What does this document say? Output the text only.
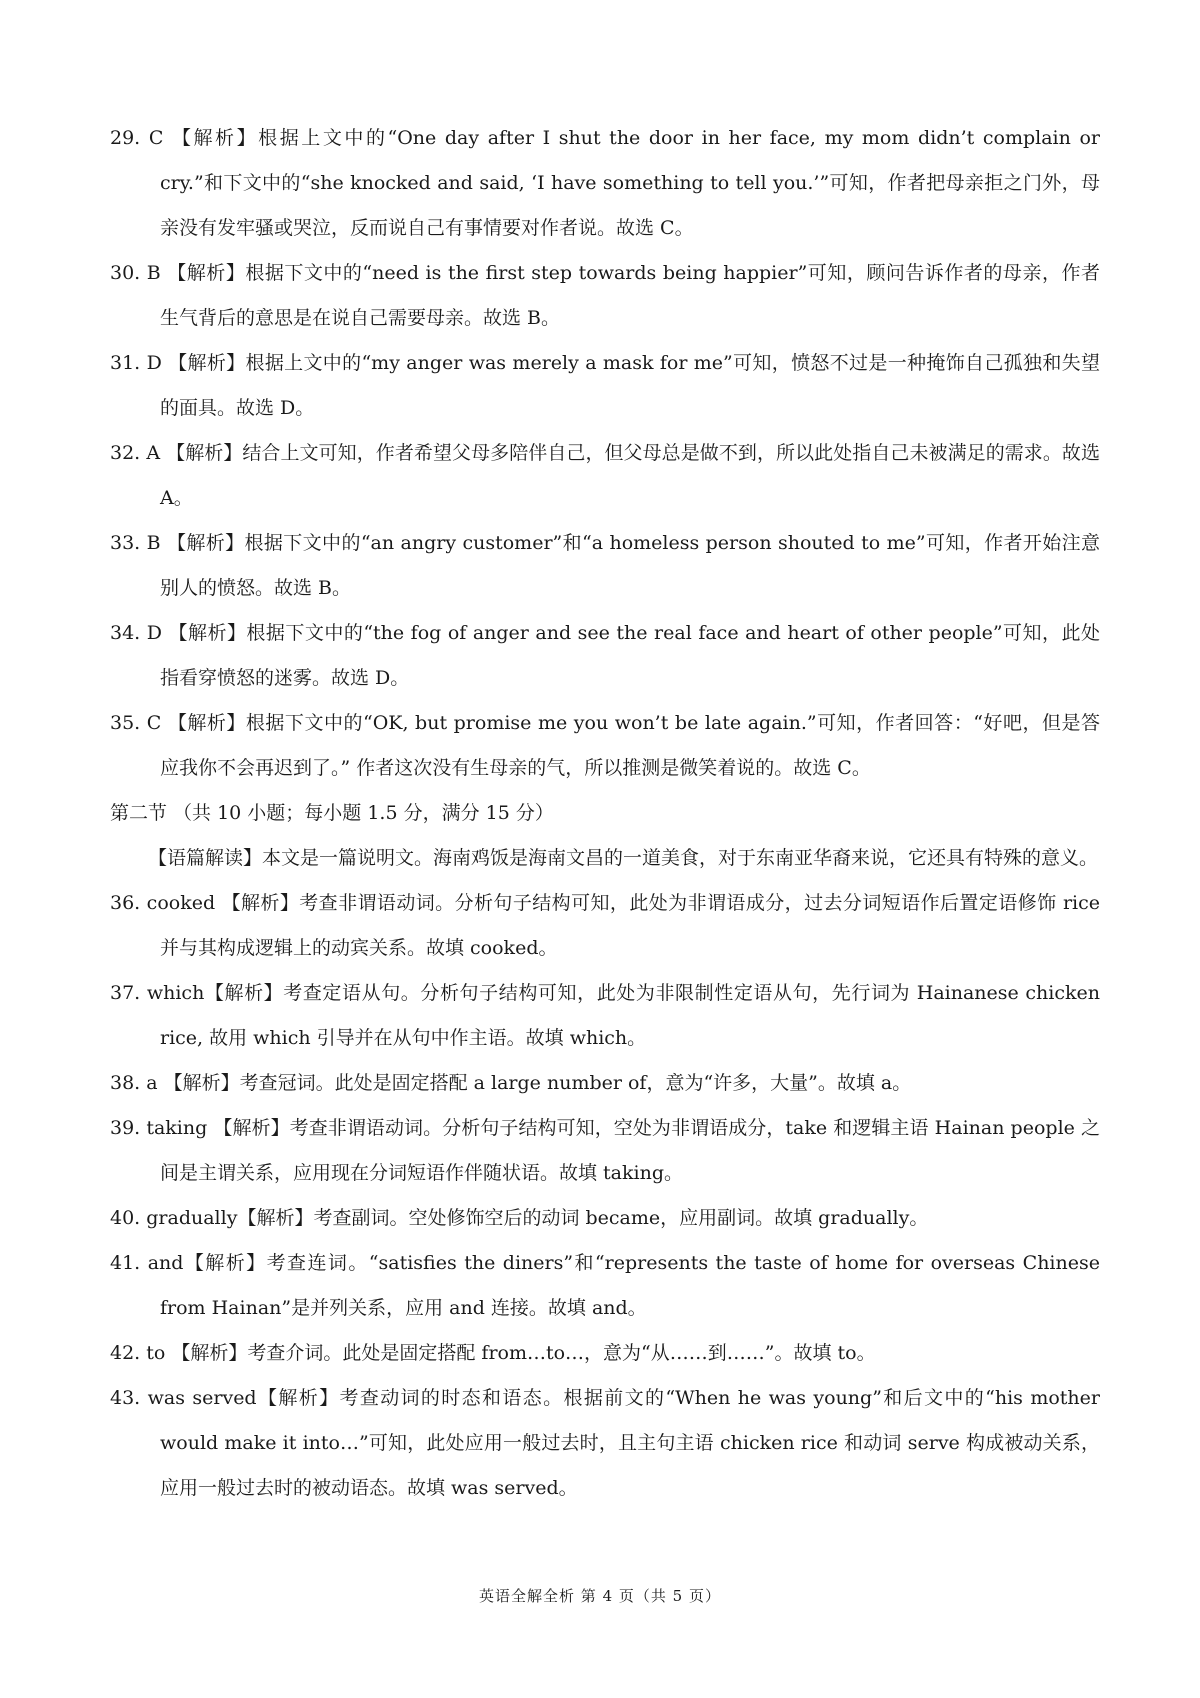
29. C 【解析】根据上文中的“One day after I shut the door in her face, my mom didn’t complain or cry.”和下文中的“she knocked and said, ‘I have something to tell you.’”可知，作者把母亲拒之门外，母亲没有发牢骚或哭泣，反而说自己有事情要对作者说。故选 C。

30. B 【解析】根据下文中的“need is the first step towards being happier”可知，顾问告诉作者的母亲，作者生气背后的意思是在说自己需要母亲。故选 B。

31. D 【解析】根据上文中的“my anger was merely a mask for me”可知，愤怒不过是一种掩饰自己孤独和失望的面具。故选 D。

32. A 【解析】结合上文可知，作者希望父母多陪伴自己，但父母总是做不到，所以此处指自己未被满足的需求。故选 A。

33. B 【解析】根据下文中的“an angry customer”和“a homeless person shouted to me”可知，作者开始注意别人的愤怒。故选 B。

34. D 【解析】根据下文中的“the fog of anger and see the real face and heart of other people”可知，此处指看穿愤怒的迷雾。故选 D。

35. C 【解析】根据下文中的“OK, but promise me you won’t be late again.”可知，作者回答：“好吧，但是答应我你不会再迟到了。” 作者这次没有生母亲的气，所以推测是微笑着说的。故选 C。

第二节 （共 10 小题；每小题 1.5 分，满分 15 分）

【语篇解读】本文是一篇说明文。海南鸡饭是海南文昌的一道美食，对于东南亚华裔来说，它还具有特殊的意义。

36. cooked 【解析】考查非谓语动词。分析句子结构可知，此处为非谓语成分，过去分词短语作后置定语修饰 rice 并与其构成逻辑上的动宾关系。故填 cooked。

37. which【解析】考查定语从句。分析句子结构可知，此处为非限制性定语从句，先行词为 Hainanese chicken rice, 故用 which 引导并在从句中作主语。故填 which。

38. a 【解析】考查冠词。此处是固定搭配 a large number of，意为“许多，大量”。故填 a。

39. taking 【解析】考查非谓语动词。分析句子结构可知，空处为非谓语成分，take 和逻辑主语 Hainan people 之间是主谓关系，应用现在分词短语作伴随状语。故填 taking。

40. gradually【解析】考查副词。空处修饰空后的动词 became，应用副词。故填 gradually。

41. and【解析】考查连词。“satisfies the diners”和“represents the taste of home for overseas Chinese from Hainan”是并列关系，应用 and 连接。故填 and。

42. to 【解析】考查介词。此处是固定搭配 from…to…，意为“从……到……”。故填 to。

43. was served【解析】考查动词的时态和语态。根据前文的“When he was young”和后文中的“his mother would make it into…”可知，此处应用一般过去时，且主句主语 chicken rice 和动词 serve 构成被动关系，应用一般过去时的被动语态。故填 was served。

英语全解全析 第 4 页（共 5 页）
